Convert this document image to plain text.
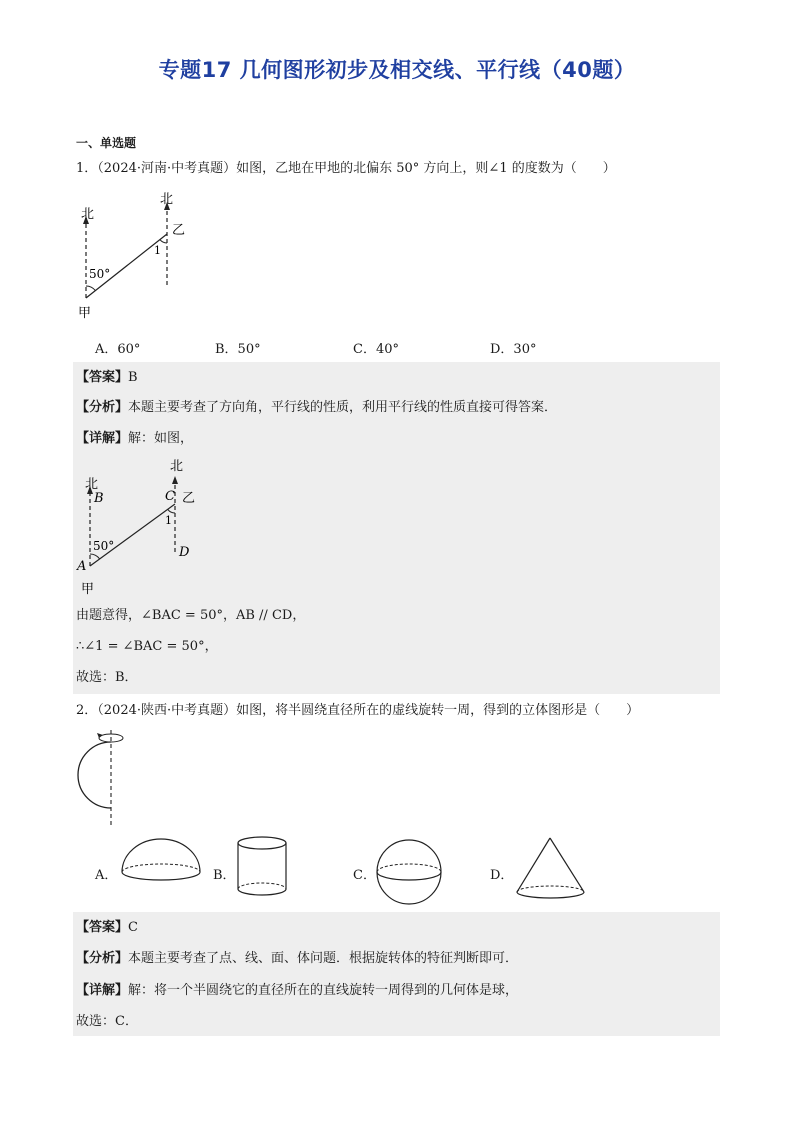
专题17 几何图形初步及相交线、平行线（40题）
一、单选题
1．（2024·河南·中考真题）如图，乙地在甲地的北偏东 50° 方向上，则∠1 的度数为（　　）
北
北
50°
甲
乙
1
A．60°	B．50°	C．40°	D．30°
【答案】B
【分析】本题主要考查了方向角，平行线的性质，利用平行线的性质直接可得答案．
【详解】解：如图，
北
北
B	C 乙
1
D
50°
A
甲
由题意得，∠BAC = 50°，AB // CD，
∴∠1 = ∠BAC = 50°，
故选：B．
2．（2024·陕西·中考真题）如图，将半圆绕直径所在的虚线旋转一周，得到的立体图形是（　　）
A．	B．	C．	D．
【答案】C
【分析】本题主要考查了点、线、面、体问题．根据旋转体的特征判断即可．
【详解】解：将一个半圆绕它的直径所在的直线旋转一周得到的几何体是球，
故选：C．
